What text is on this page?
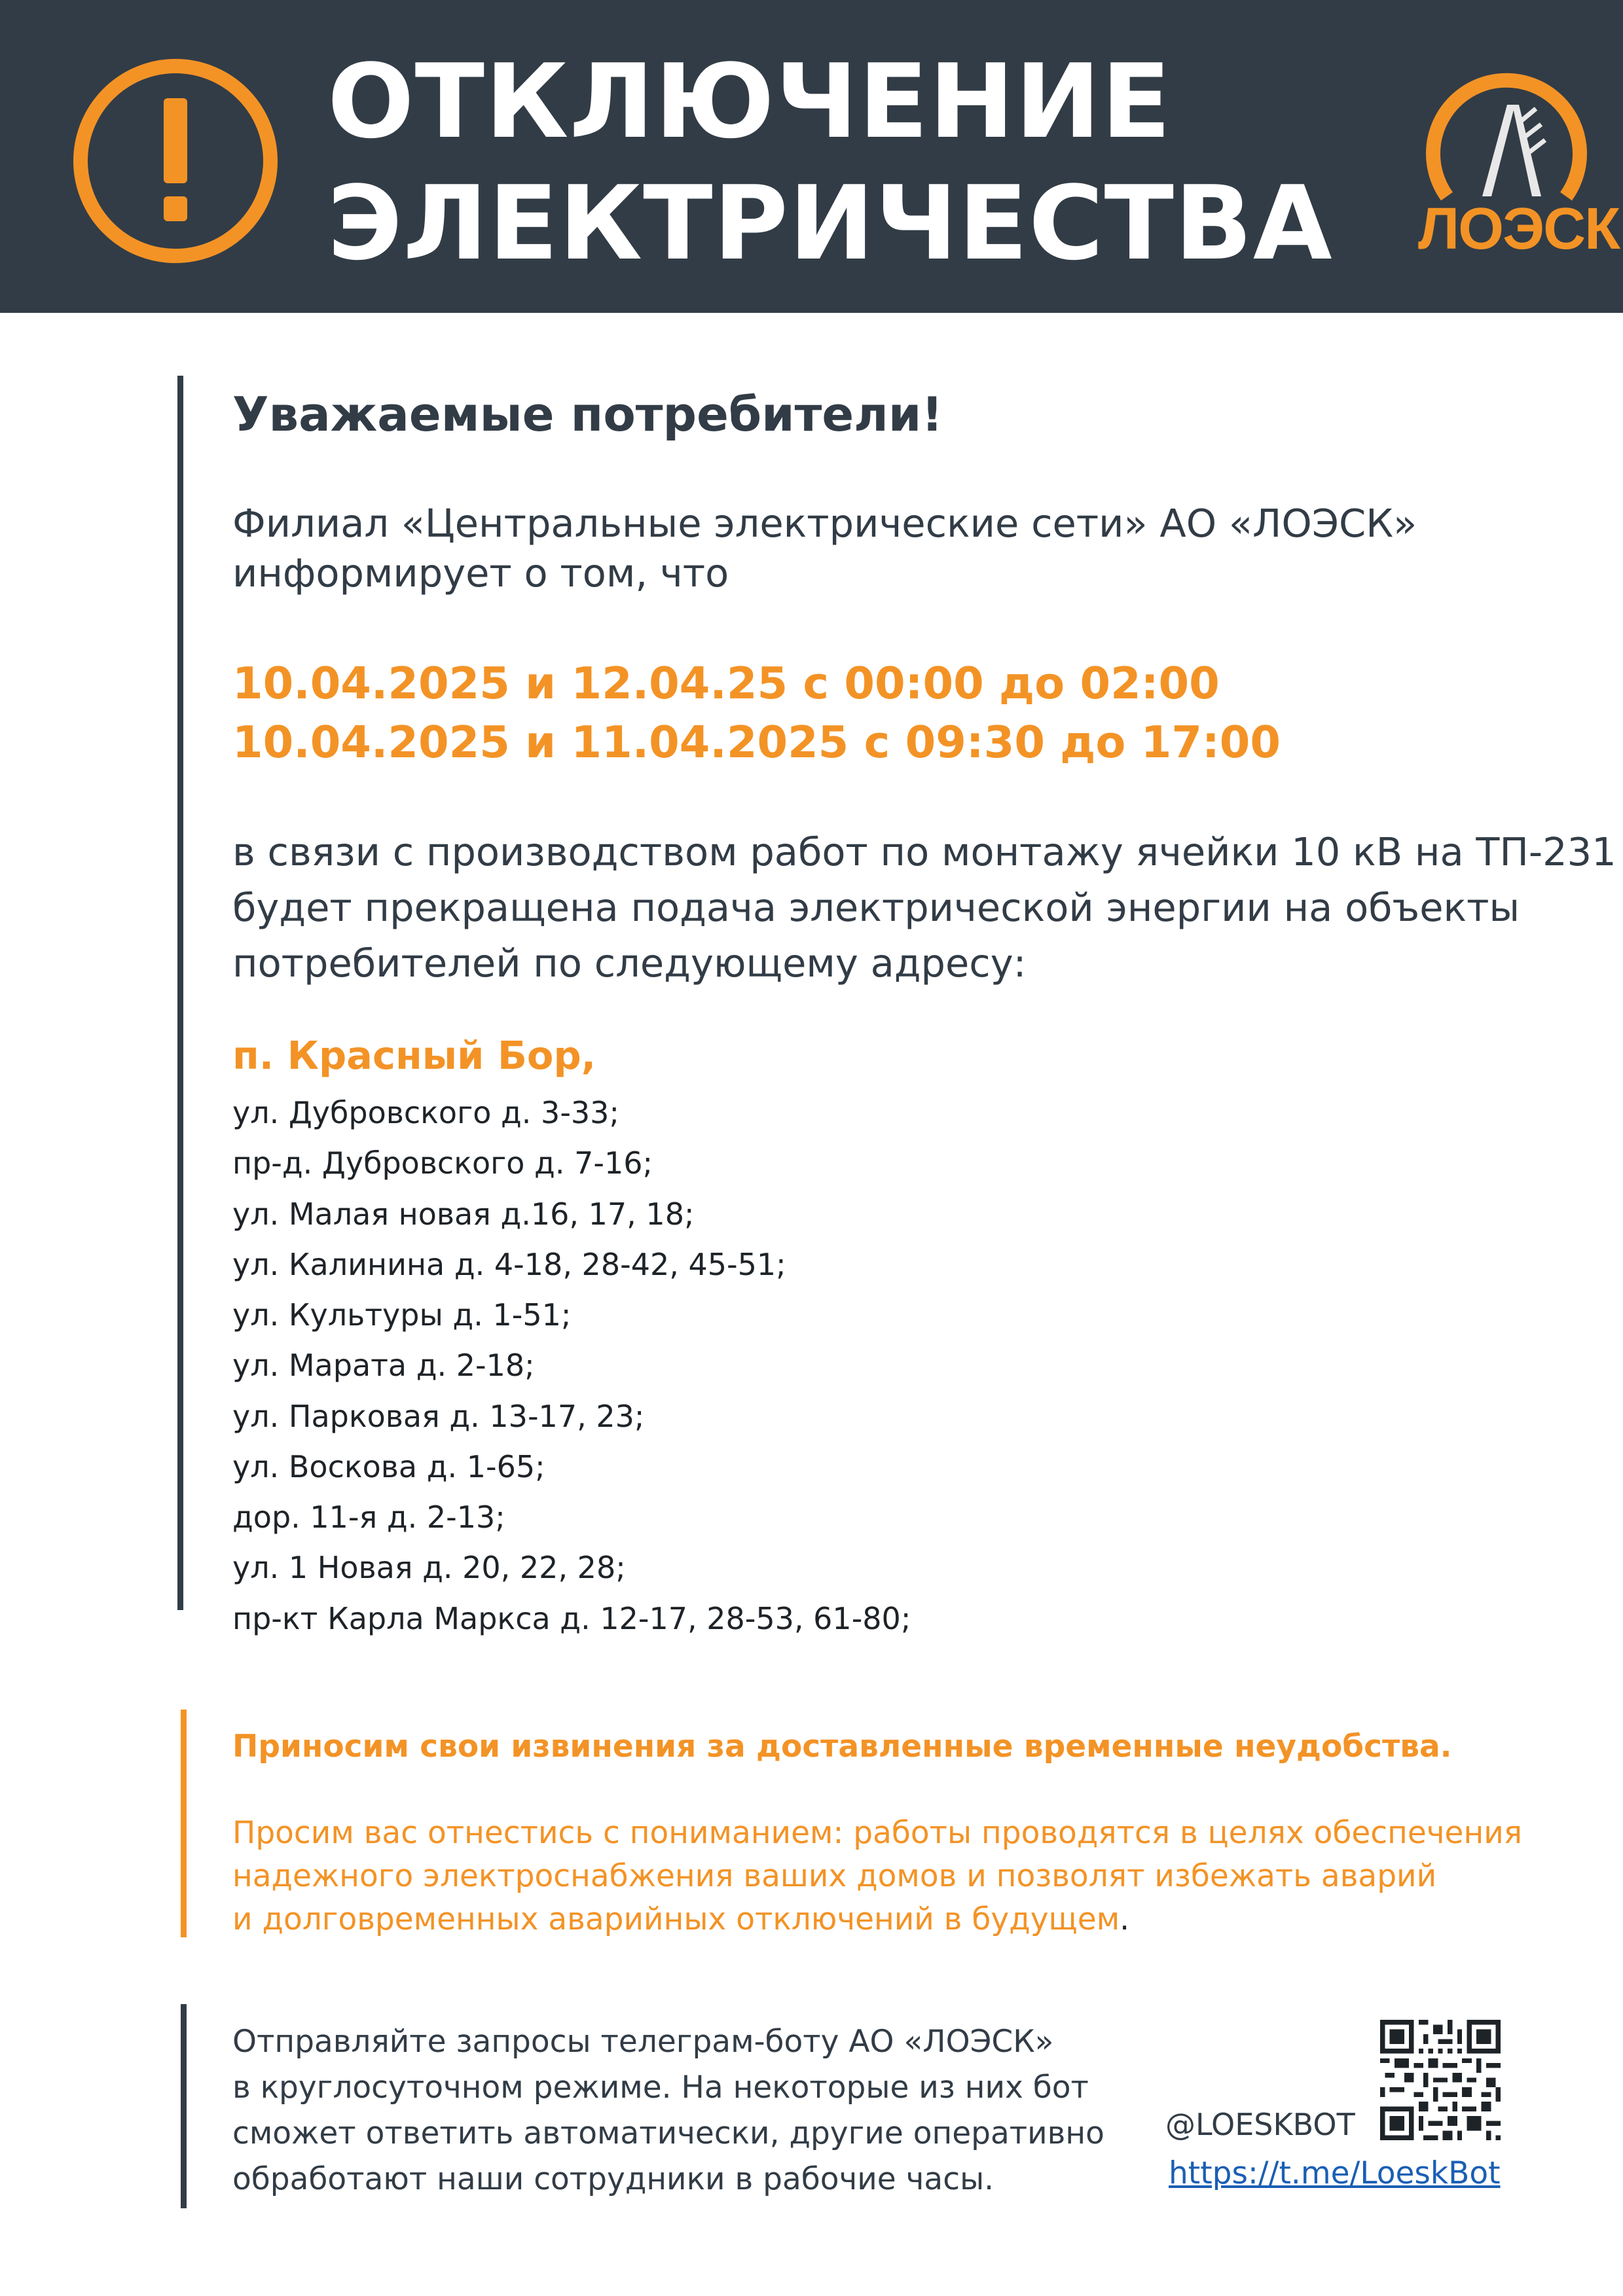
ОТКЛЮЧЕНИЕ
ЭЛЕКТРИЧЕСТВА ЛОЭСК
Уважаемые потребители!
Филиал «Центральные электрические сети» АО «ЛОЭСК»
информирует о том, что
10.04.2025 и 12.04.25 с 00:00 до 02:00
10.04.2025 и 11.04.2025 с 09:30 до 17:00
в связи с производством работ по монтажу ячейки 10 кВ на ТП-231
будет прекращена подача электрической энергии на объекты
потребителей по следующему адресу:
п. Красный Бор,
ул. Дубровского д. 3-33;
пр-д. Дубровского д. 7-16;
ул. Малая новая д.16, 17, 18;
ул. Калинина д. 4-18, 28-42, 45-51;
ул. Культуры д. 1-51;
ул. Марата д. 2-18;
ул. Парковая д. 13-17, 23;
ул. Воскова д. 1-65;
дор. 11-я д. 2-13;
ул. 1 Новая д. 20, 22, 28;
пр-кт Карла Маркса д. 12-17, 28-53, 61-80;
Приносим свои извинения за доставленные временные неудобства.
Просим вас отнестись с пониманием: работы проводятся в целях обеспечения
надежного электроснабжения ваших домов и позволят избежать аварий
и долговременных аварийных отключений в будущем.
Отправляйте запросы телеграм-боту АО «ЛОЭСК»
в круглосуточном режиме. На некоторые из них бот
сможет ответить автоматически, другие оперативно
обработают наши сотрудники в рабочие часы.
@LOESKBOT
https://t.me/LoeskBot
